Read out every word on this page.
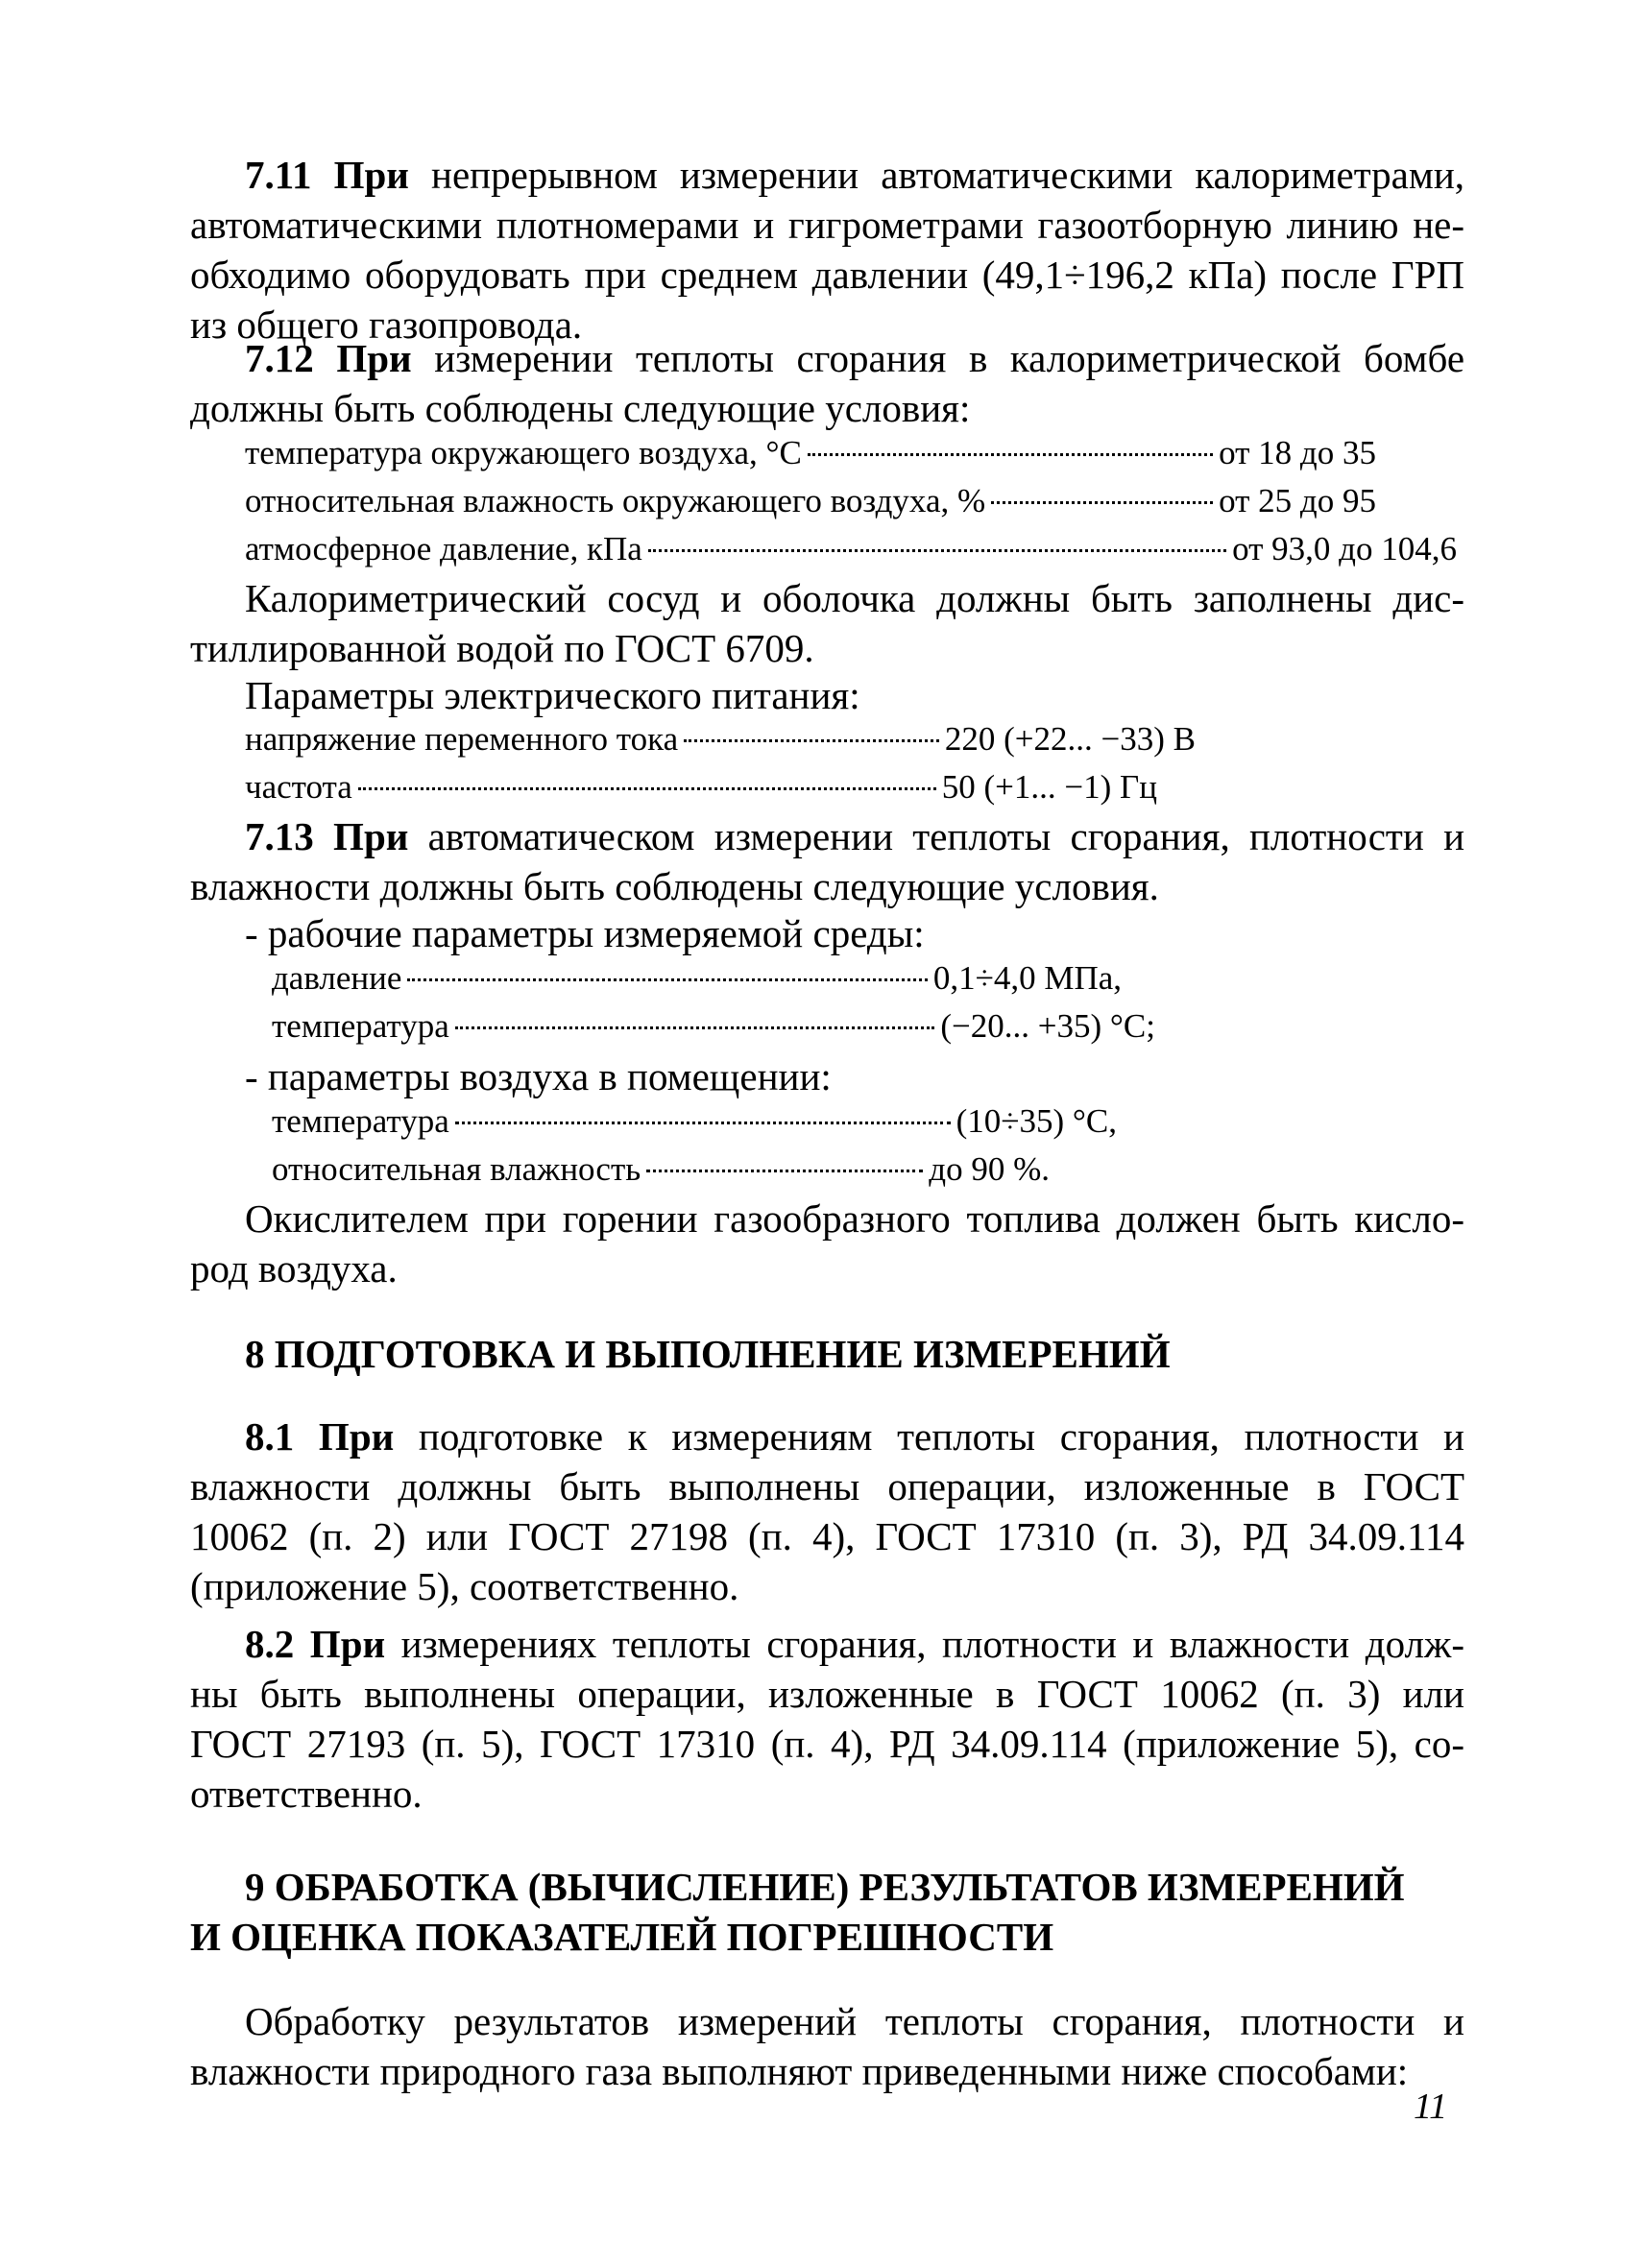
7.11 При непрерывном измерении автоматическими калориметрами,
автоматическими плотномерами и гигрометрами газоотборную линию не-
обходимо оборудовать при среднем давлении (49,1÷196,2 кПа) после ГРП
из общего газопровода.
7.12 При измерении теплоты сгорания в калориметрической бомбе
должны быть соблюдены следующие условия:
температура окружающего воздуха, °С	от 18 до 35
относительная влажность окружающего воздуха, %	от 25 до 95
атмосферное давление, кПа	от 93,0 до 104,6
Калориметрический сосуд и оболочка должны быть заполнены дис-
тиллированной водой по ГОСТ 6709.
Параметры электрического питания:
напряжение переменного тока	220 (+22... −33) В
частота	50 (+1... −1) Гц
7.13 При автоматическом измерении теплоты сгорания, плотности и
влажности должны быть соблюдены следующие условия.
- рабочие параметры измеряемой среды:
давление	0,1÷4,0 МПа,
температура	(−20... +35) °С;
- параметры воздуха в помещении:
температура	(10÷35) °С,
относительная влажность	до 90 %.
Окислителем при горении газообразного топлива должен быть кисло-
род воздуха.
8 ПОДГОТОВКА И ВЫПОЛНЕНИЕ ИЗМЕРЕНИЙ
8.1 При подготовке к измерениям теплоты сгорания, плотности и
влажности должны быть выполнены операции, изложенные в ГОСТ
10062 (п. 2) или ГОСТ 27198 (п. 4), ГОСТ 17310 (п. 3), РД 34.09.114
(приложение 5), соответственно.
8.2 При измерениях теплоты сгорания, плотности и влажности долж-
ны быть выполнены операции, изложенные в ГОСТ 10062 (п. 3) или
ГОСТ 27193 (п. 5), ГОСТ 17310 (п. 4), РД 34.09.114 (приложение 5), со-
ответственно.
9 ОБРАБОТКА (ВЫЧИСЛЕНИЕ) РЕЗУЛЬТАТОВ ИЗМЕРЕНИЙ
И ОЦЕНКА ПОКАЗАТЕЛЕЙ ПОГРЕШНОСТИ
Обработку результатов измерений теплоты сгорания, плотности и
влажности природного газа выполняют приведенными ниже способами:
11
